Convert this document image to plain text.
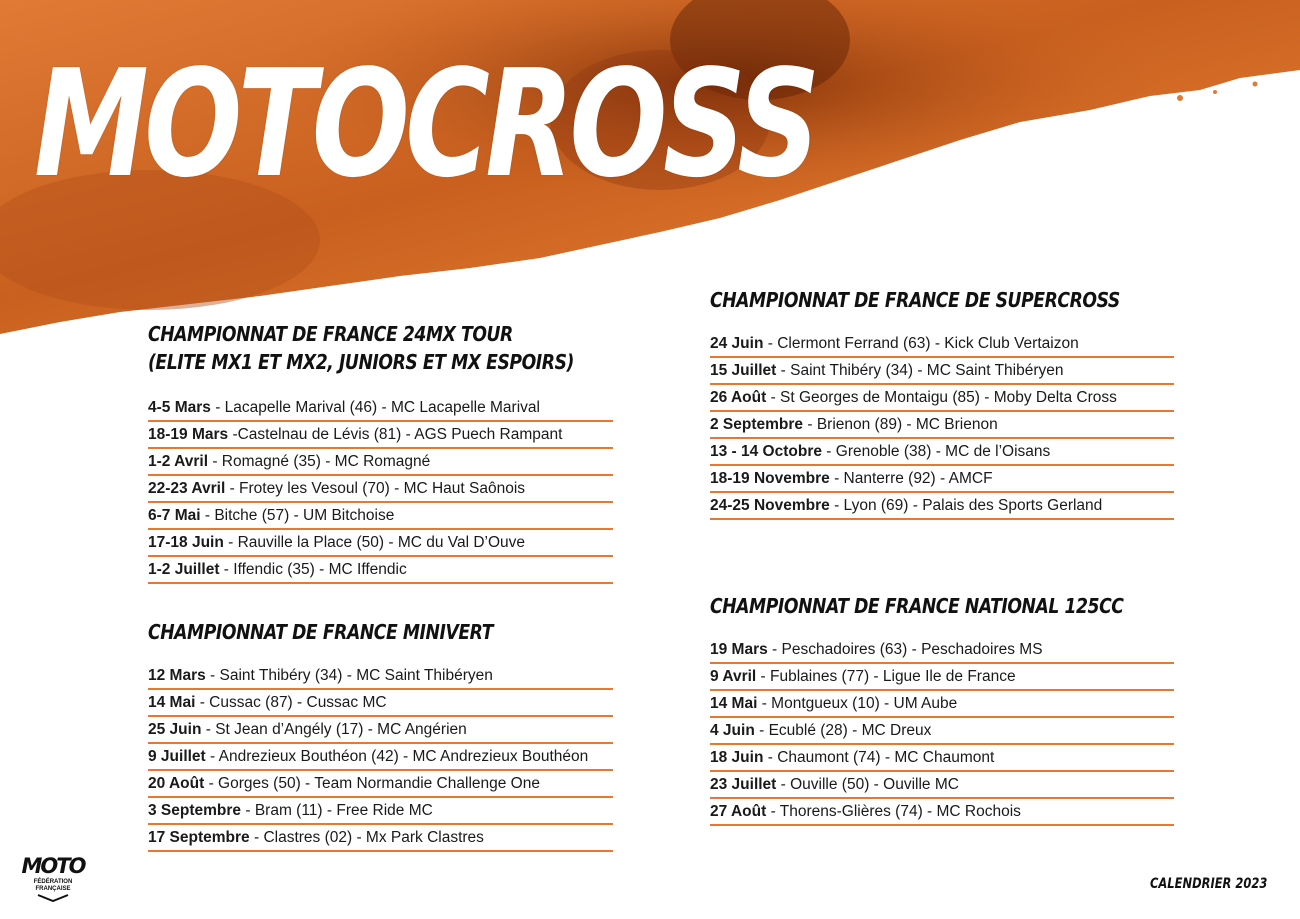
MOTOCROSS
CHAMPIONNAT DE FRANCE 24MX TOUR
(ELITE MX1 ET MX2, JUNIORS ET MX ESPOIRS)
4-5 Mars - Lacapelle Marival (46) - MC Lacapelle Marival
18-19 Mars -Castelnau de Lévis (81) - AGS Puech Rampant
1-2 Avril - Romagné (35) - MC Romagné
22-23 Avril - Frotey les Vesoul (70) - MC Haut Saônois
6-7 Mai - Bitche (57) - UM Bitchoise
17-18 Juin - Rauville la Place (50) - MC du Val D’Ouve
1-2 Juillet - Iffendic (35) - MC Iffendic
CHAMPIONNAT DE FRANCE MINIVERT
12 Mars - Saint Thibéry (34) - MC Saint Thibéryen
14 Mai - Cussac (87) - Cussac MC
25 Juin - St Jean d’Angély (17) - MC Angérien
9 Juillet - Andrezieux Bouthéon (42) - MC Andrezieux Bouthéon
20 Août - Gorges (50) - Team Normandie Challenge One
3 Septembre - Bram (11) - Free Ride MC
17 Septembre - Clastres (02) - Mx Park Clastres
CHAMPIONNAT DE FRANCE DE SUPERCROSS
24 Juin - Clermont Ferrand (63) - Kick Club Vertaizon
15 Juillet - Saint Thibéry (34) - MC Saint Thibéryen
26 Août - St Georges de Montaigu (85) - Moby Delta Cross
2 Septembre - Brienon (89) - MC Brienon
13 - 14 Octobre - Grenoble (38) - MC de l’Oisans
18-19 Novembre - Nanterre (92) - AMCF
24-25 Novembre - Lyon (69) - Palais des Sports Gerland
CHAMPIONNAT DE FRANCE NATIONAL 125CC
19 Mars - Peschadoires (63) - Peschadoires MS
9 Avril - Fublaines (77) - Ligue Ile de France
14 Mai - Montgueux (10) - UM Aube
4 Juin - Ecublé (28) - MC Dreux
18 Juin - Chaumont (74) - MC Chaumont
23 Juillet - Ouville (50) - Ouville MC
27 Août - Thorens-Glières (74) - MC Rochois
MOTO
FÉDÉRATION
FRANÇAISE	CALENDRIER 2023
